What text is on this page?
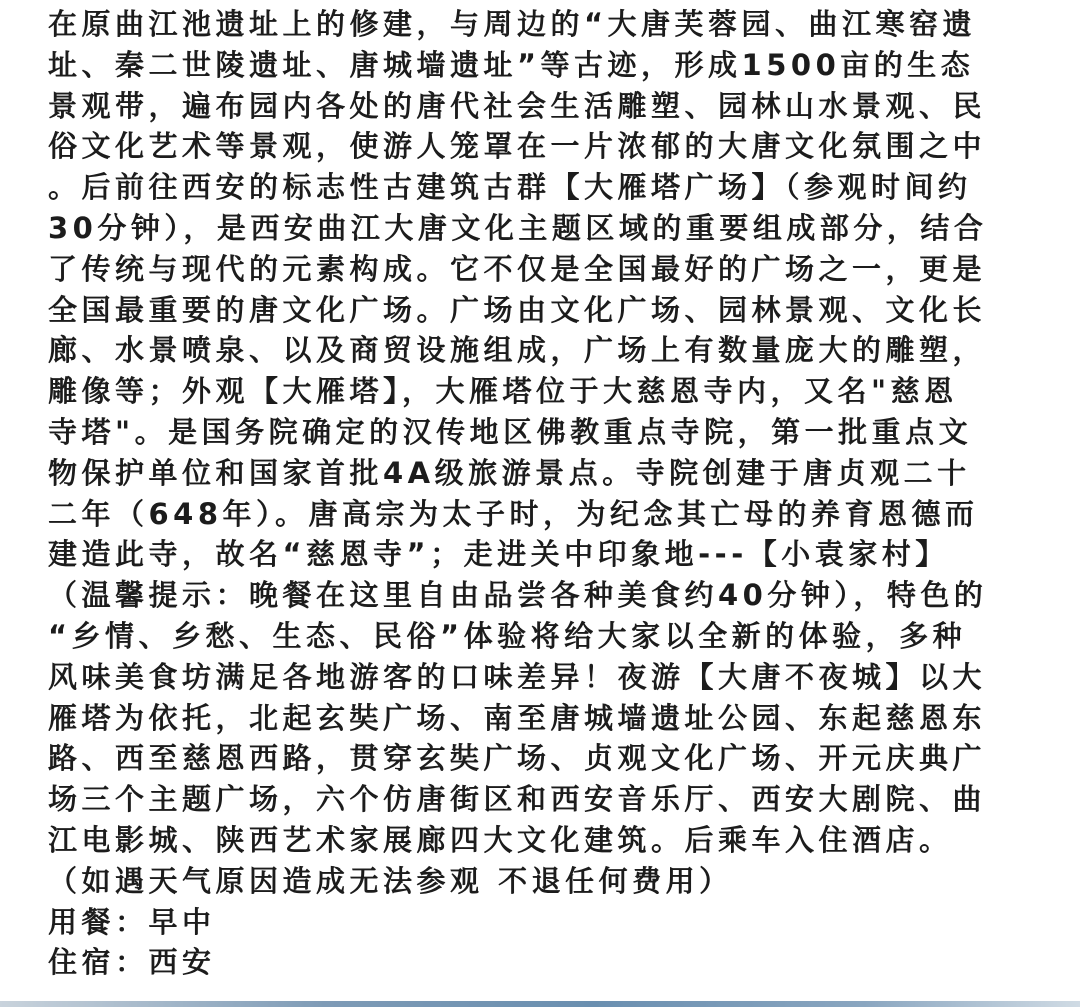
在原曲江池遗址上的修建，与周边的“大唐芙蓉园、曲江寒窑遗
址、秦二世陵遗址、唐城墙遗址”等古迹，形成1500亩的生态
景观带，遍布园内各处的唐代社会生活雕塑、园林山水景观、民
俗文化艺术等景观，使游人笼罩在一片浓郁的大唐文化氛围之中
。后前往西安的标志性古建筑古群【大雁塔广场】（参观时间约
30分钟），是西安曲江大唐文化主题区域的重要组成部分，结合
了传统与现代的元素构成。它不仅是全国最好的广场之一，更是
全国最重要的唐文化广场。广场由文化广场、园林景观、文化长
廊、水景喷泉、以及商贸设施组成，广场上有数量庞大的雕塑，
雕像等；外观【大雁塔】，大雁塔位于大慈恩寺内，又名"慈恩
寺塔"。是国务院确定的汉传地区佛教重点寺院，第一批重点文
物保护单位和国家首批4A级旅游景点。寺院创建于唐贞观二十
二年（648年）。唐高宗为太子时，为纪念其亡母的养育恩德而
建造此寺，故名“慈恩寺”；走进关中印象地---【小袁家村】
（温馨提示：晚餐在这里自由品尝各种美食约40分钟），特色的
“乡情、乡愁、生态、民俗”体验将给大家以全新的体验，多种
风味美食坊满足各地游客的口味差异！夜游【大唐不夜城】以大
雁塔为依托，北起玄奘广场、南至唐城墙遗址公园、东起慈恩东
路、西至慈恩西路，贯穿玄奘广场、贞观文化广场、开元庆典广
场三个主题广场，六个仿唐街区和西安音乐厅、西安大剧院、曲
江电影城、陕西艺术家展廊四大文化建筑。后乘车入住酒店。
（如遇天气原因造成无法参观 不退任何费用）
用餐：早中
住宿：西安
